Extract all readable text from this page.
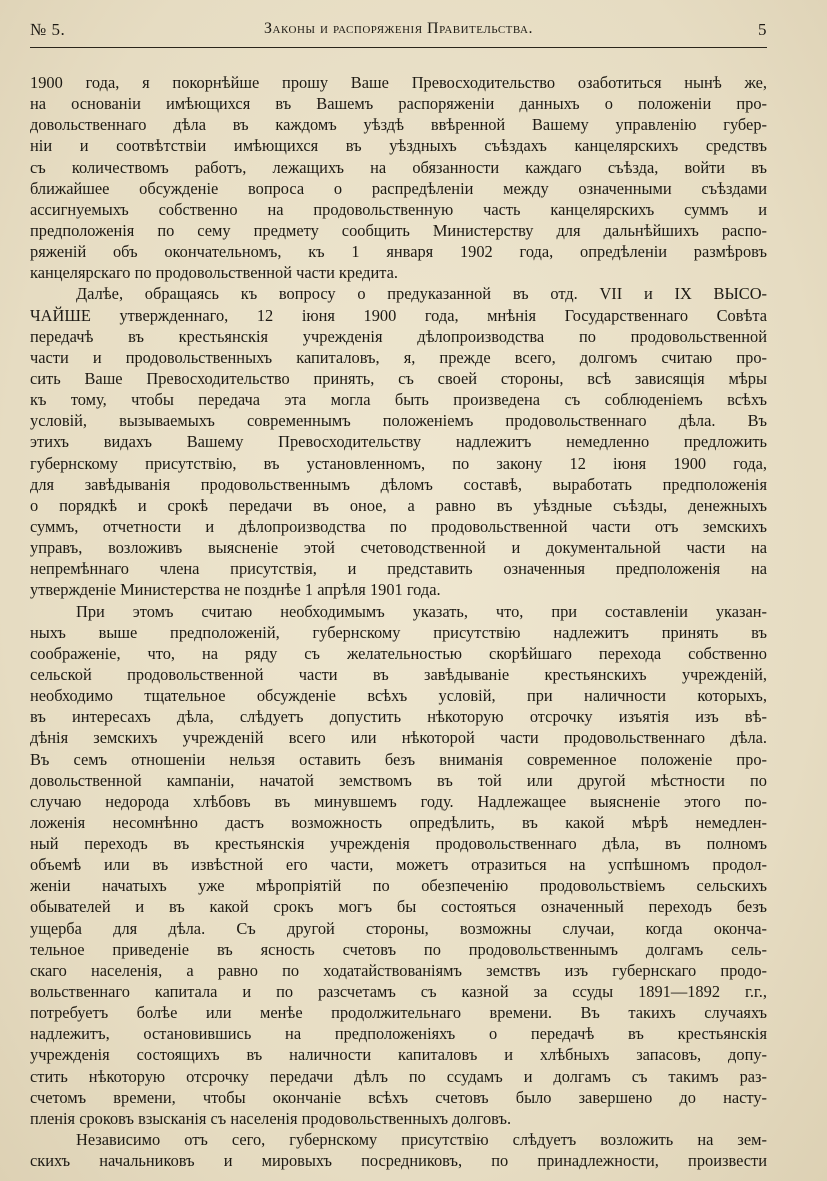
№ 5.	Законы и распоряженія Правительства.	5
1900 года, я покорнѣйше прошу Ваше Превосходительство озаботиться нынѣ же,
на основаніи имѣющихся въ Вашемъ распоряженіи данныхъ о положеніи про-
довольственнаго дѣла въ каждомъ уѣздѣ ввѣренной Вашему управленію губер-
ніи и соотвѣтствіи имѣющихся въ уѣздныхъ съѣздахъ канцелярскихъ средствъ
съ количествомъ работъ, лежащихъ на обязанности каждаго съѣзда, войти въ
ближайшее обсужденіе вопроса о распредѣленіи между означенными съѣздами
ассигнуемыхъ собственно на продовольственную часть канцелярскихъ суммъ и
предположенія по сему предмету сообщить Министерству для дальнѣйшихъ распо-
ряженій объ окончательномъ, къ 1 января 1902 года, опредѣленіи размѣровъ
канцелярскаго по продовольственной части кредита.
Далѣе, обращаясь къ вопросу о предуказанной въ отд. VII и IX ВЫСО-
ЧАЙШЕ утвержденнаго, 12 іюня 1900 года, мнѣнія Государственнаго Совѣта
передачѣ въ крестьянскія учрежденія дѣлопроизводства по продовольственной
части и продовольственныхъ капиталовъ, я, прежде всего, долгомъ считаю про-
сить Ваше Превосходительство принять, съ своей стороны, всѣ зависящія мѣры
къ тому, чтобы передача эта могла быть произведена съ соблюденіемъ всѣхъ
условій, вызываемыхъ современнымъ положеніемъ продовольственнаго дѣла. Въ
этихъ видахъ Вашему Превосходительству надлежитъ немедленно предложить
губернскому присутствію, въ установленномъ, по закону 12 іюня 1900 года,
для завѣдыванія продовольственнымъ дѣломъ составѣ, выработать предположенія
о порядкѣ и срокѣ передачи въ оное, а равно въ уѣздные съѣзды, денежныхъ
суммъ, отчетности и дѣлопроизводства по продовольственной части отъ земскихъ
управъ, возложивъ выясненіе этой счетоводственной и документальной части на
непремѣннаго члена присутствія, и представить означенныя предположенія на
утвержденіе Министерства не позднѣе 1 апрѣля 1901 года.
При этомъ считаю необходимымъ указать, что, при составленіи указан-
ныхъ выше предположеній, губернскому присутствію надлежитъ принять въ
соображеніе, что, на ряду съ желательностью скорѣйшаго перехода собственно
сельской продовольственной части въ завѣдываніе крестьянскихъ учрежденій,
необходимо тщательное обсужденіе всѣхъ условій, при наличности которыхъ,
въ интересахъ дѣла, слѣдуетъ допустить нѣкоторую отсрочку изъятія изъ вѣ-
дѣнія земскихъ учрежденій всего или нѣкоторой части продовольственнаго дѣла.
Въ семъ отношеніи нельзя оставить безъ вниманія современное положеніе про-
довольственной кампаніи, начатой земствомъ въ той или другой мѣстности по
случаю недорода хлѣбовъ въ минувшемъ году. Надлежащее выясненіе этого по-
ложенія несомнѣнно дастъ возможность опредѣлить, въ какой мѣрѣ немедлен-
ный переходъ въ крестьянскія учрежденія продовольственнаго дѣла, въ полномъ
объемѣ или въ извѣстной его части, можетъ отразиться на успѣшномъ продол-
женіи начатыхъ уже мѣропріятій по обезпеченію продовольствіемъ сельскихъ
обывателей и въ какой срокъ могъ бы состояться означенный переходъ безъ
ущерба для дѣла. Съ другой стороны, возможны случаи, когда оконча-
тельное приведеніе въ ясность счетовъ по продовольственнымъ долгамъ сель-
скаго населенія, а равно по ходатайствованіямъ земствъ изъ губернскаго продо-
вольственнаго капитала и по разсчетамъ съ казной за ссуды 1891—1892 г.г.,
потребуетъ болѣе или менѣе продолжительнаго времени. Въ такихъ случаяхъ
надлежитъ, остановившись на предположеніяхъ о передачѣ въ крестьянскія
учрежденія состоящихъ въ наличности капиталовъ и хлѣбныхъ запасовъ, допу-
стить нѣкоторую отсрочку передачи дѣлъ по ссудамъ и долгамъ съ такимъ раз-
счетомъ времени, чтобы окончаніе всѣхъ счетовъ было завершено до насту-
пленія сроковъ взысканія съ населенія продовольственныхъ долговъ.
Независимо отъ сего, губернскому присутствію слѣдуетъ возложить на зем-
скихъ начальниковъ и мировыхъ посредниковъ, по принадлежности, произвести
